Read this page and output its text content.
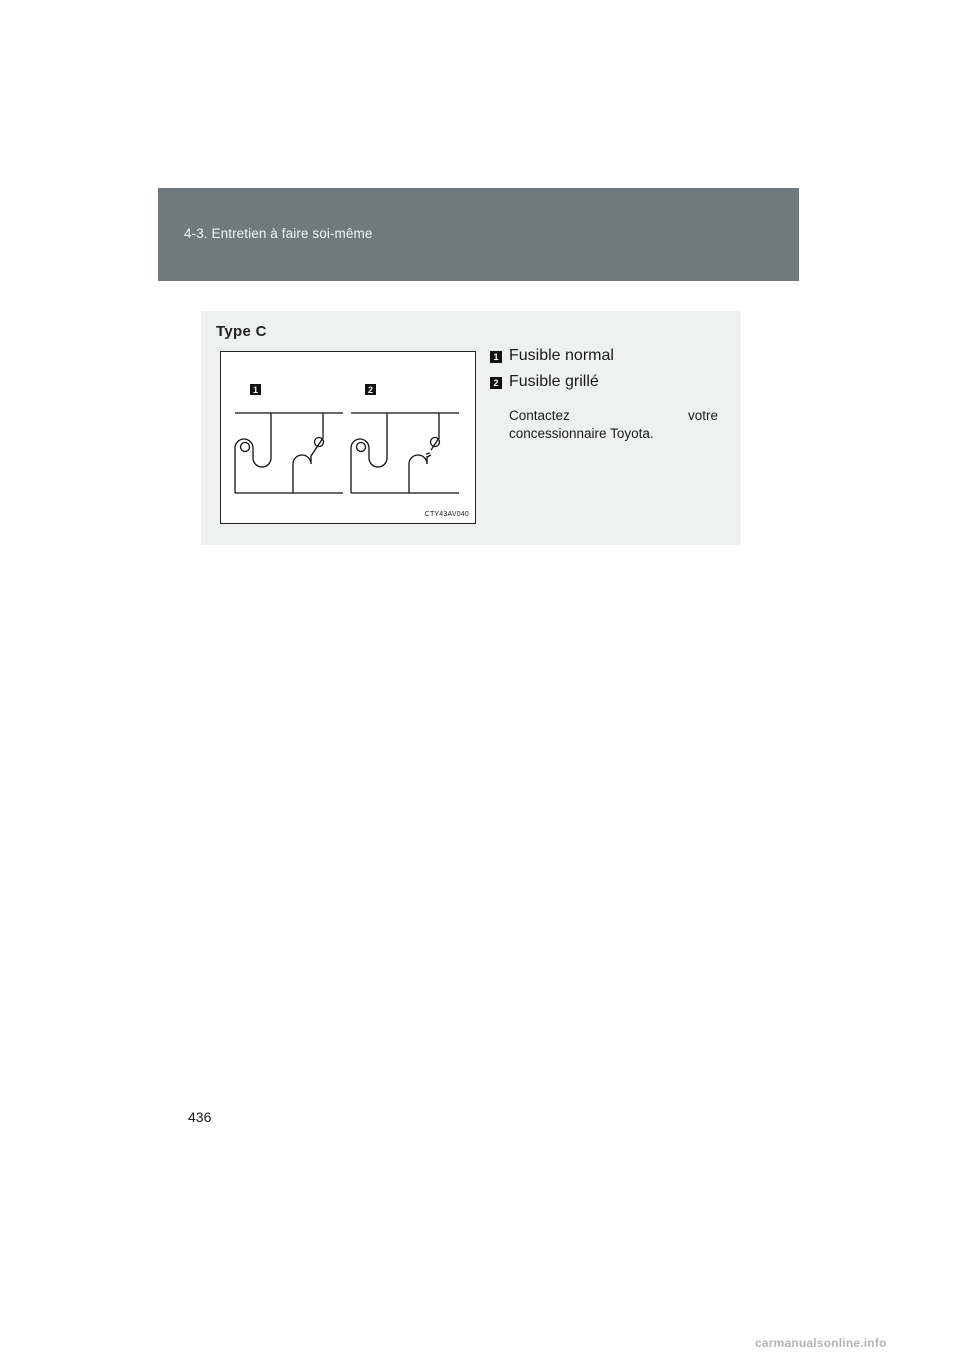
4-3. Entretien à faire soi-même
Type C
1	2
CTY43AV040
1 Fusible normal
2 Fusible grillé
Contactez	votre
concessionnaire Toyota.
436
carmanualsonline.info
